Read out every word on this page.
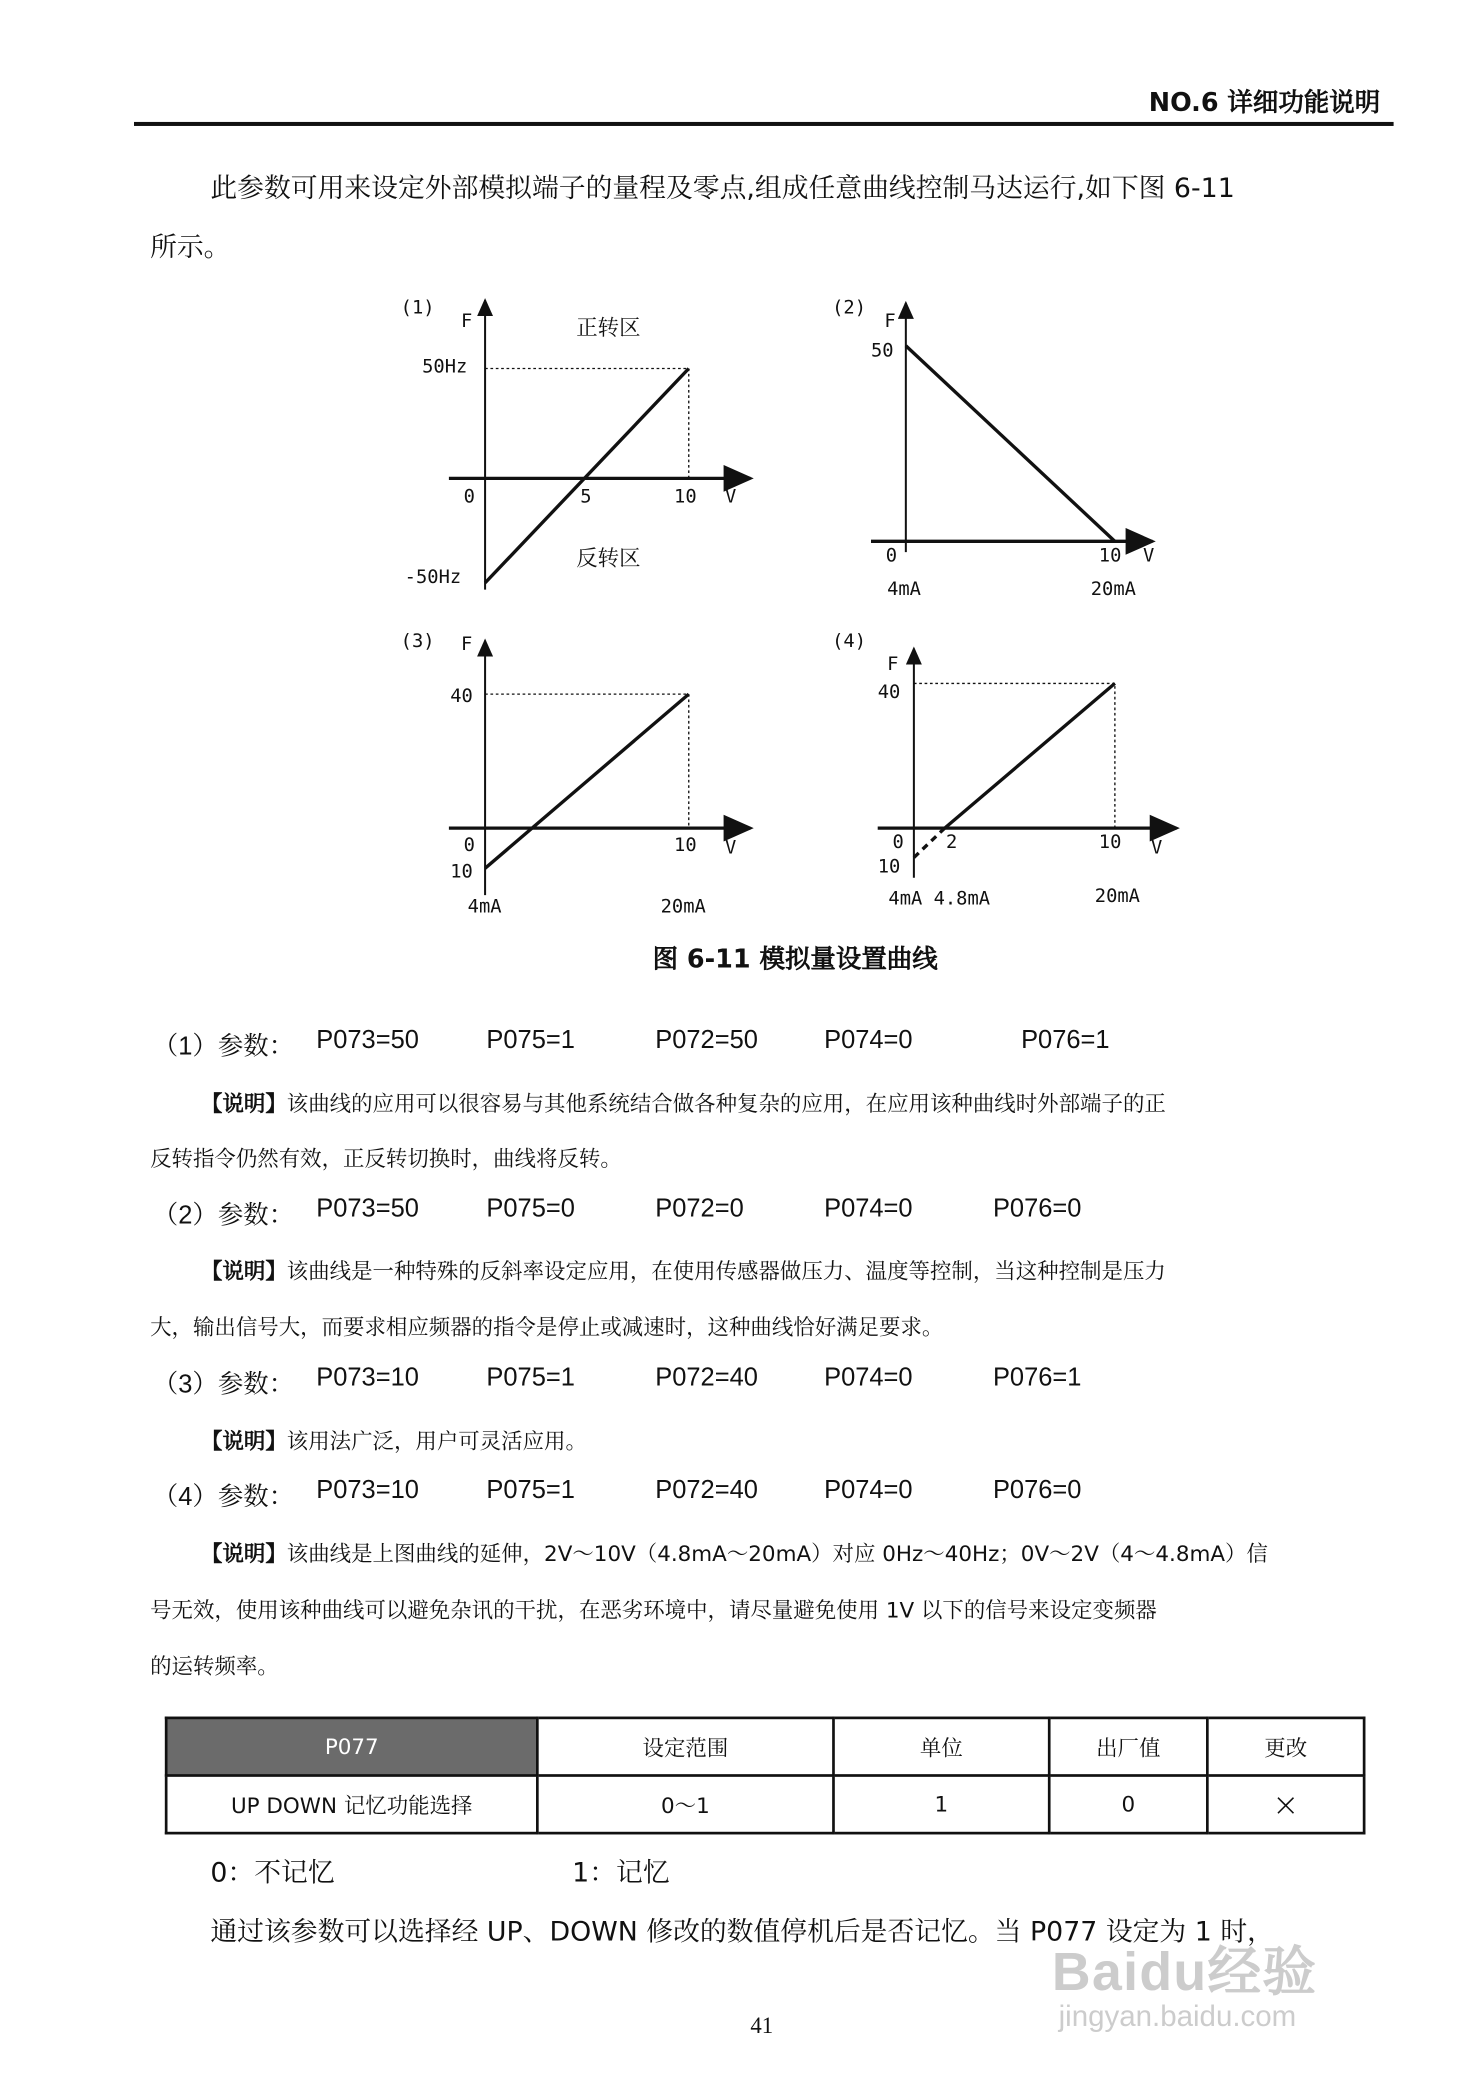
NO.6 详细功能说明
此参数可用来设定外部模拟端子的量程及零点,组成任意曲线控制马达运行,如下图 6-11
所示。
(1)
F	正转区
50Hz
0	5	10 V
反转区
-50Hz
(2)
F
50
0	10 V
4mA	20mA
(3) F
40
0
10
10 V
4mA	20mA
(4)
F
40
0	2
10
10 V
4mA 4.8mA	20mA
图 6-11 模拟量设置曲线
（1）参数： P073=50	P075=1	P072=50	P074=0	P076=1
【说明】该曲线的应用可以很容易与其他系统结合做各种复杂的应用，在应用该种曲线时外部端子的正
反转指令仍然有效，正反转切换时，曲线将反转。
（2）参数： P073=50	P075=0	P072=0	P074=0	P076=0
【说明】该曲线是一种特殊的反斜率设定应用，在使用传感器做压力、温度等控制，当这种控制是压力
大，输出信号大，而要求相应频器的指令是停止或减速时，这种曲线恰好满足要求。
（3）参数： P073=10	P075=1	P072=40	P074=0	P076=1
【说明】该用法广泛，用户可灵活应用。
（4）参数： P073=10	P075=1	P072=40	P074=0	P076=0
【说明】该曲线是上图曲线的延伸，2V～10V（4.8mA～20mA）对应 0Hz～40Hz；0V～2V（4～4.8mA）信
号无效，使用该种曲线可以避免杂讯的干扰，在恶劣环境中，请尽量避免使用 1V 以下的信号来设定变频器
的运转频率。
P077	设定范围	单位	出厂值	更改
UP DOWN 记忆功能选择	0～1	1	0	×
0：不记忆	1：记忆
通过该参数可以选择经 UP、DOWN 修改的数值停机后是否记忆。当 P077 设定为 1 时，
41
Baidu经验
jingyan.baidu.com
